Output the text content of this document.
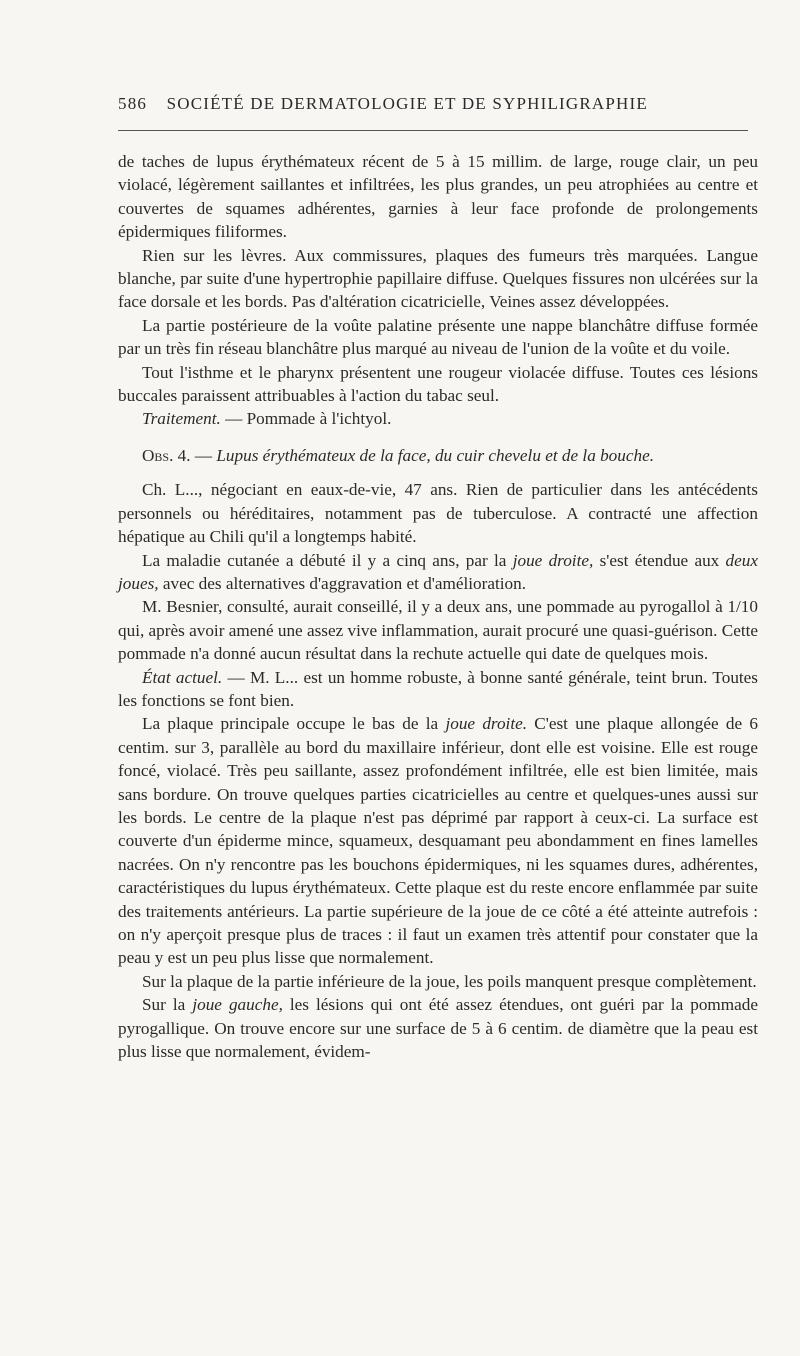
586 SOCIÉTÉ DE DERMATOLOGIE ET DE SYPHILIGRAPHIE

de taches de lupus érythémateux récent de 5 à 15 millim. de large, rouge clair, un peu violacé, légèrement saillantes et infiltrées, les plus grandes, un peu atrophiées au centre et couvertes de squames adhérentes, garnies à leur face profonde de prolongements épidermiques filiformes.

Rien sur les lèvres. Aux commissures, plaques des fumeurs très marquées. Langue blanche, par suite d'une hypertrophie papillaire diffuse. Quelques fissures non ulcérées sur la face dorsale et les bords. Pas d'altération cicatricielle, Veines assez développées.

La partie postérieure de la voûte palatine présente une nappe blanchâtre diffuse formée par un très fin réseau blanchâtre plus marqué au niveau de l'union de la voûte et du voile.

Tout l'isthme et le pharynx présentent une rougeur violacée diffuse. Toutes ces lésions buccales paraissent attribuables à l'action du tabac seul.

Traitement. — Pommade à l'ichtyol.

Obs. 4. — Lupus érythémateux de la face, du cuir chevelu et de la bouche.

Ch. L..., négociant en eaux-de-vie, 47 ans. Rien de particulier dans les antécédents personnels ou héréditaires, notamment pas de tuberculose. A contracté une affection hépatique au Chili qu'il a longtemps habité.

La maladie cutanée a débuté il y a cinq ans, par la joue droite, s'est étendue aux deux joues, avec des alternatives d'aggravation et d'amélioration.

M. Besnier, consulté, aurait conseillé, il y a deux ans, une pommade au pyrogallol à 1/10 qui, après avoir amené une assez vive inflammation, aurait procuré une quasi-guérison. Cette pommade n'a donné aucun résultat dans la rechute actuelle qui date de quelques mois.

État actuel. — M. L... est un homme robuste, à bonne santé générale, teint brun. Toutes les fonctions se font bien.

La plaque principale occupe le bas de la joue droite. C'est une plaque allongée de 6 centim. sur 3, parallèle au bord du maxillaire inférieur, dont elle est voisine. Elle est rouge foncé, violacé. Très peu saillante, assez profondément infiltrée, elle est bien limitée, mais sans bordure. On trouve quelques parties cicatricielles au centre et quelques-unes aussi sur les bords. Le centre de la plaque n'est pas déprimé par rapport à ceux-ci. La surface est couverte d'un épiderme mince, squameux, desquamant peu abondamment en fines lamelles nacrées. On n'y rencontre pas les bouchons épidermiques, ni les squames dures, adhérentes, caractéristiques du lupus érythémateux. Cette plaque est du reste encore enflammée par suite des traitements antérieurs. La partie supérieure de la joue de ce côté a été atteinte autrefois : on n'y aperçoit presque plus de traces : il faut un examen très attentif pour constater que la peau y est un peu plus lisse que normalement.

Sur la plaque de la partie inférieure de la joue, les poils manquent presque complètement.

Sur la joue gauche, les lésions qui ont été assez étendues, ont guéri par la pommade pyrogallique. On trouve encore sur une surface de 5 à 6 centim. de diamètre que la peau est plus lisse que normalement, évidem-
